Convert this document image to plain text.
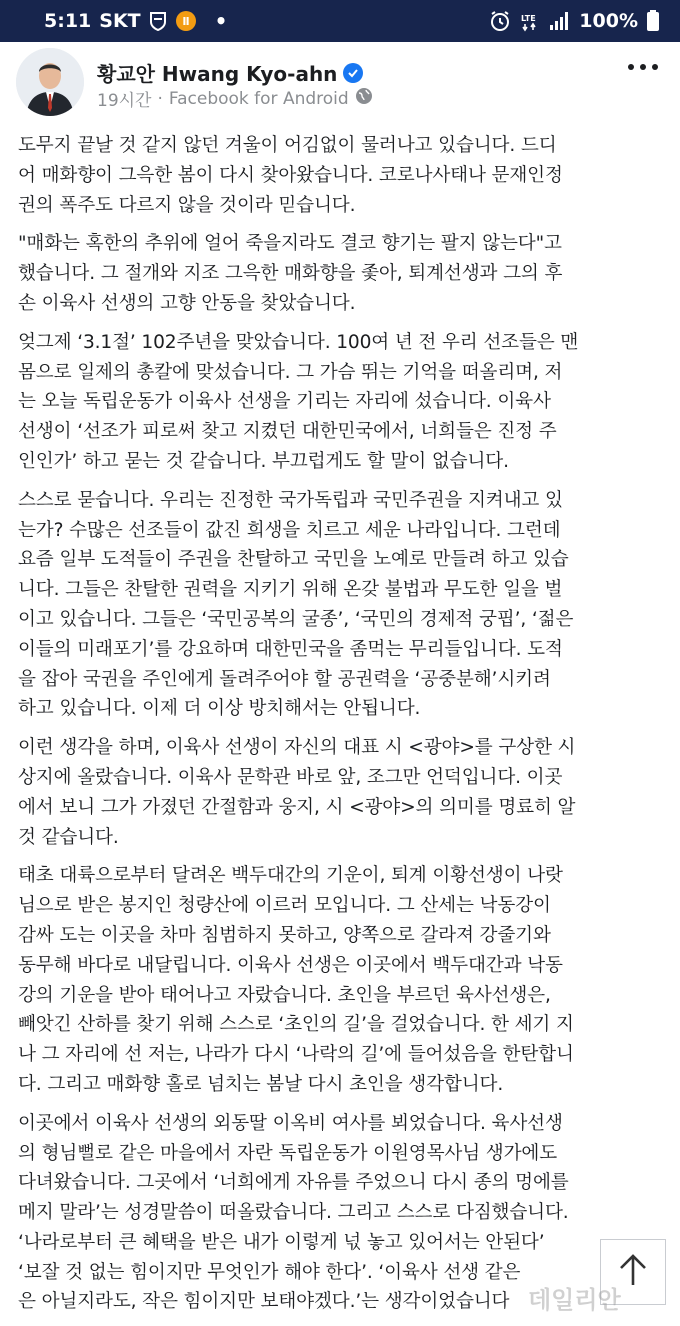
5:11 SKT	Ⅱ •	LTE 100%
황교안 Hwang Kyo-ahn
19시간 · Facebook for Android

도무지 끝날 것 같지 않던 겨울이 어김없이 물러나고 있습니다. 드디
어 매화향이 그윽한 봄이 다시 찾아왔습니다. 코로나사태나 문재인정
권의 폭주도 다르지 않을 것이라 믿습니다.

"매화는 혹한의 추위에 얼어 죽을지라도 결코 향기는 팔지 않는다"고
했습니다. 그 절개와 지조 그윽한 매화향을 좇아, 퇴계선생과 그의 후
손 이육사 선생의 고향 안동을 찾았습니다.

엊그제 ‘3.1절’ 102주년을 맞았습니다. 100여 년 전 우리 선조들은 맨
몸으로 일제의 총칼에 맞섰습니다. 그 가슴 뛰는 기억을 떠올리며, 저
는 오늘 독립운동가 이육사 선생을 기리는 자리에 섰습니다. 이육사
선생이 ‘선조가 피로써 찾고 지켰던 대한민국에서, 너희들은 진정 주
인인가’ 하고 묻는 것 같습니다. 부끄럽게도 할 말이 없습니다.

스스로 묻습니다. 우리는 진정한 국가독립과 국민주권을 지켜내고 있
는가? 수많은 선조들이 값진 희생을 치르고 세운 나라입니다. 그런데
요즘 일부 도적들이 주권을 찬탈하고 국민을 노예로 만들려 하고 있습
니다. 그들은 찬탈한 권력을 지키기 위해 온갖 불법과 무도한 일을 벌
이고 있습니다. 그들은 ‘국민공복의 굴종’, ‘국민의 경제적 궁핍’, ‘젊은
이들의 미래포기’를 강요하며 대한민국을 좀먹는 무리들입니다. 도적
을 잡아 국권을 주인에게 돌려주어야 할 공권력을 ‘공중분해’시키려
하고 있습니다. 이제 더 이상 방치해서는 안됩니다.

이런 생각을 하며, 이육사 선생이 자신의 대표 시 <광야>를 구상한 시
상지에 올랐습니다. 이육사 문학관 바로 앞, 조그만 언덕입니다. 이곳
에서 보니 그가 가졌던 간절함과 웅지, 시 <광야>의 의미를 명료히 알
것 같습니다.

태초 대륙으로부터 달려온 백두대간의 기운이, 퇴계 이황선생이 나랏
님으로 받은 봉지인 청량산에 이르러 모입니다. 그 산세는 낙동강이
감싸 도는 이곳을 차마 침범하지 못하고, 양쪽으로 갈라져 강줄기와
동무해 바다로 내달립니다. 이육사 선생은 이곳에서 백두대간과 낙동
강의 기운을 받아 태어나고 자랐습니다. 초인을 부르던 육사선생은,
빼앗긴 산하를 찾기 위해 스스로 ‘초인의 길’을 걸었습니다. 한 세기 지
나 그 자리에 선 저는, 나라가 다시 ‘나락의 길’에 들어섰음을 한탄합니
다. 그리고 매화향 홀로 넘치는 봄날 다시 초인을 생각합니다.

이곳에서 이육사 선생의 외동딸 이옥비 여사를 뵈었습니다. 육사선생
의 형님뻘로 같은 마을에서 자란 독립운동가 이원영목사님 생가에도
다녀왔습니다. 그곳에서 ‘너희에게 자유를 주었으니 다시 종의 멍에를
메지 말라’는 성경말씀이 떠올랐습니다. 그리고 스스로 다짐했습니다.
‘나라로부터 큰 혜택을 받은 내가 이렇게 넋 놓고 있어서는 안된다’
‘보잘 것 없는 힘이지만 무엇인가 해야 한다’. ‘이육사 선생 같은
은 아닐지라도, 작은 힘이지만 보태야겠다.’는 생각이었습니다 데일리안
